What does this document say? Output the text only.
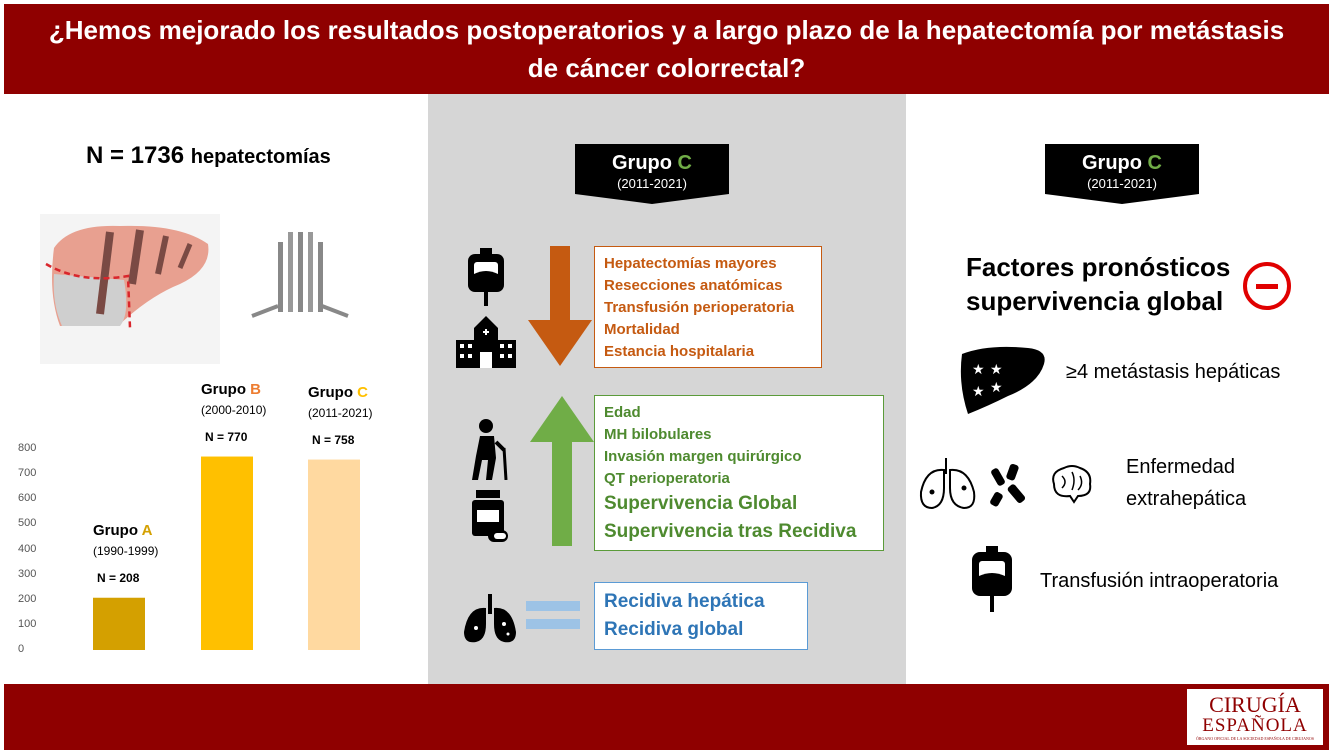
¿Hemos mejorado los resultados postoperatorios y a largo plazo de la hepatectomía por metástasis de cáncer colorrectal?
N = 1736 hepatectomías
800
700
600
500
400
300
200
100
0
Grupo A
(1990-1999)
N = 208
Grupo B
(2000-2010)
N = 770
Grupo C
(2011-2021)
N = 758
Grupo C
(2011-2021)
Hepatectomías mayores
Resecciones anatómicas
Transfusión perioperatoria
Mortalidad
Estancia hospitalaria
Edad
MH bilobulares
Invasión margen quirúrgico
QT perioperatoria
Supervivencia Global
Supervivencia tras Recidiva
Recidiva hepática
Recidiva global
Grupo C
(2011-2021)
Factores pronósticos
supervivencia global
★ ★
★ ★
≥4 metástasis hepáticas
Enfermedad
extrahepática
Transfusión intraoperatoria
CIRUGÍA
ESPAÑOLA
ÓRGANO OFICIAL DE LA SOCIEDAD ESPAÑOLA DE CIRUJANOS
